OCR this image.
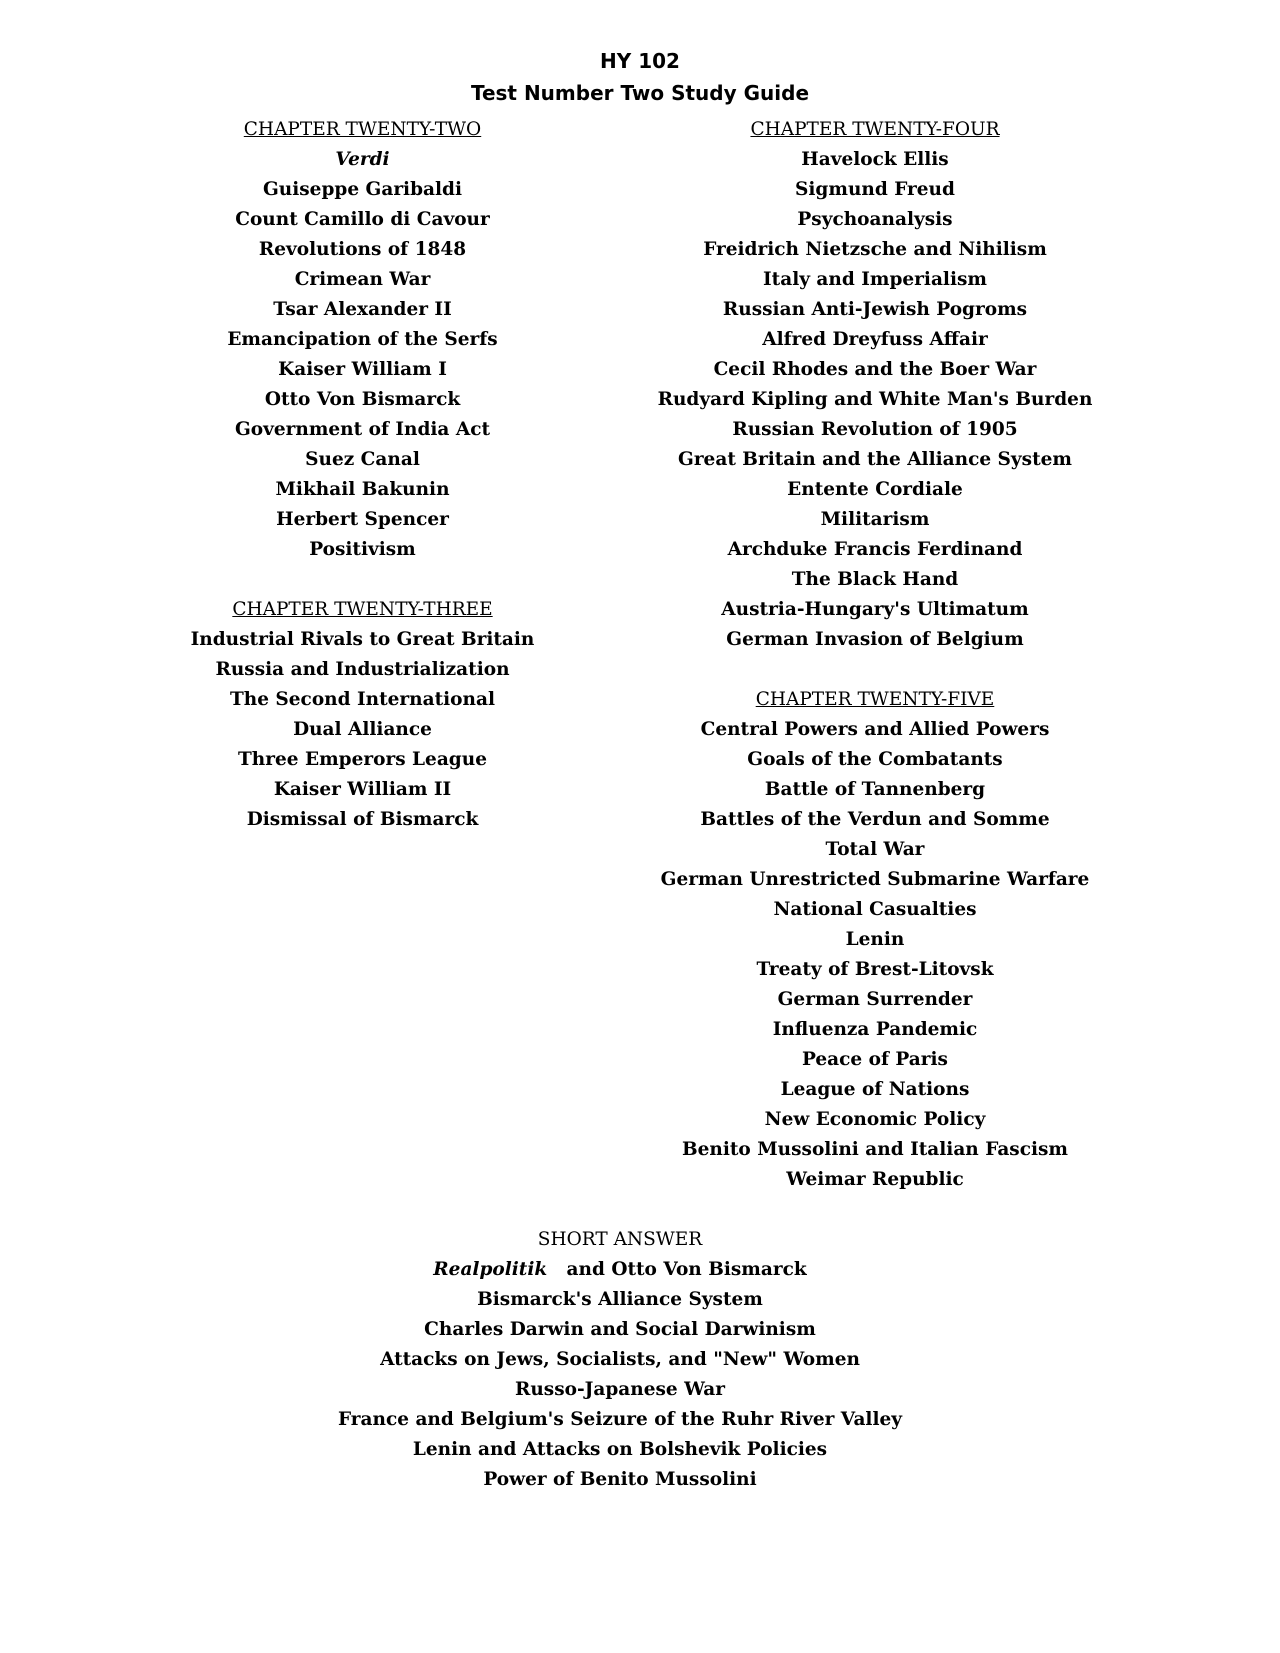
HY 102
Test Number Two Study Guide
CHAPTER TWENTY-TWO
Verdi
Guiseppe Garibaldi
Count Camillo di Cavour
Revolutions of 1848
Crimean War
Tsar Alexander II
Emancipation of the Serfs
Kaiser William I
Otto Von Bismarck
Government of India Act
Suez Canal
Mikhail Bakunin
Herbert Spencer
Positivism
CHAPTER TWENTY-THREE
Industrial Rivals to Great Britain
Russia and Industrialization
The Second International
Dual Alliance
Three Emperors League
Kaiser William II
Dismissal of Bismarck
CHAPTER TWENTY-FOUR
Havelock Ellis
Sigmund Freud
Psychoanalysis
Freidrich Nietzsche and Nihilism
Italy and Imperialism
Russian Anti-Jewish Pogroms
Alfred Dreyfuss Affair
Cecil Rhodes and the Boer War
Rudyard Kipling and White Man's Burden
Russian Revolution of 1905
Great Britain and the Alliance System
Entente Cordiale
Militarism
Archduke Francis Ferdinand
The Black Hand
Austria-Hungary's Ultimatum
German Invasion of Belgium
CHAPTER TWENTY-FIVE
Central Powers and Allied Powers
Goals of the Combatants
Battle of Tannenberg
Battles of the Verdun and Somme
Total War
German Unrestricted Submarine Warfare
National Casualties
Lenin
Treaty of Brest-Litovsk
German Surrender
Influenza Pandemic
Peace of Paris
League of Nations
New Economic Policy
Benito Mussolini and Italian Fascism
Weimar Republic
SHORT ANSWER
Realpolitik and Otto Von Bismarck
Bismarck's Alliance System
Charles Darwin and Social Darwinism
Attacks on Jews, Socialists, and "New" Women
Russo-Japanese War
France and Belgium's Seizure of the Ruhr River Valley
Lenin and Attacks on Bolshevik Policies
Power of Benito Mussolini
